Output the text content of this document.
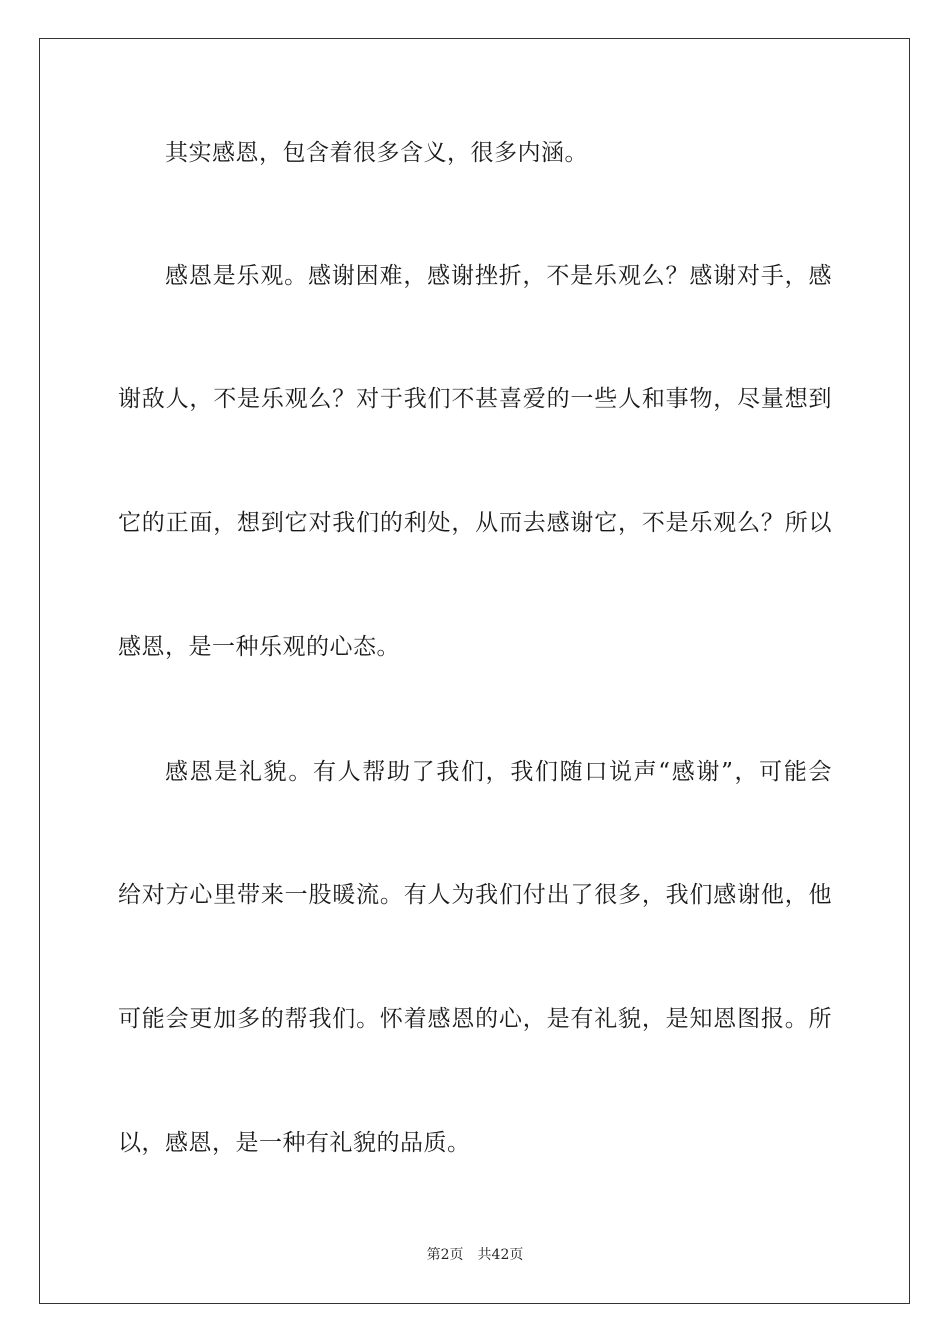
其实感恩，包含着很多含义，很多内涵。
感恩是乐观。感谢困难，感谢挫折，不是乐观么？感谢对手，感
谢敌人，不是乐观么？对于我们不甚喜爱的一些人和事物，尽量想到
它的正面，想到它对我们的利处，从而去感谢它，不是乐观么？所以
感恩，是一种乐观的心态。
感恩是礼貌。有人帮助了我们，我们随口说声“感谢”，可能会
给对方心里带来一股暖流。有人为我们付出了很多，我们感谢他，他
可能会更加多的帮我们。怀着感恩的心，是有礼貌，是知恩图报。所
以，感恩，是一种有礼貌的品质。
第2页 共42页
